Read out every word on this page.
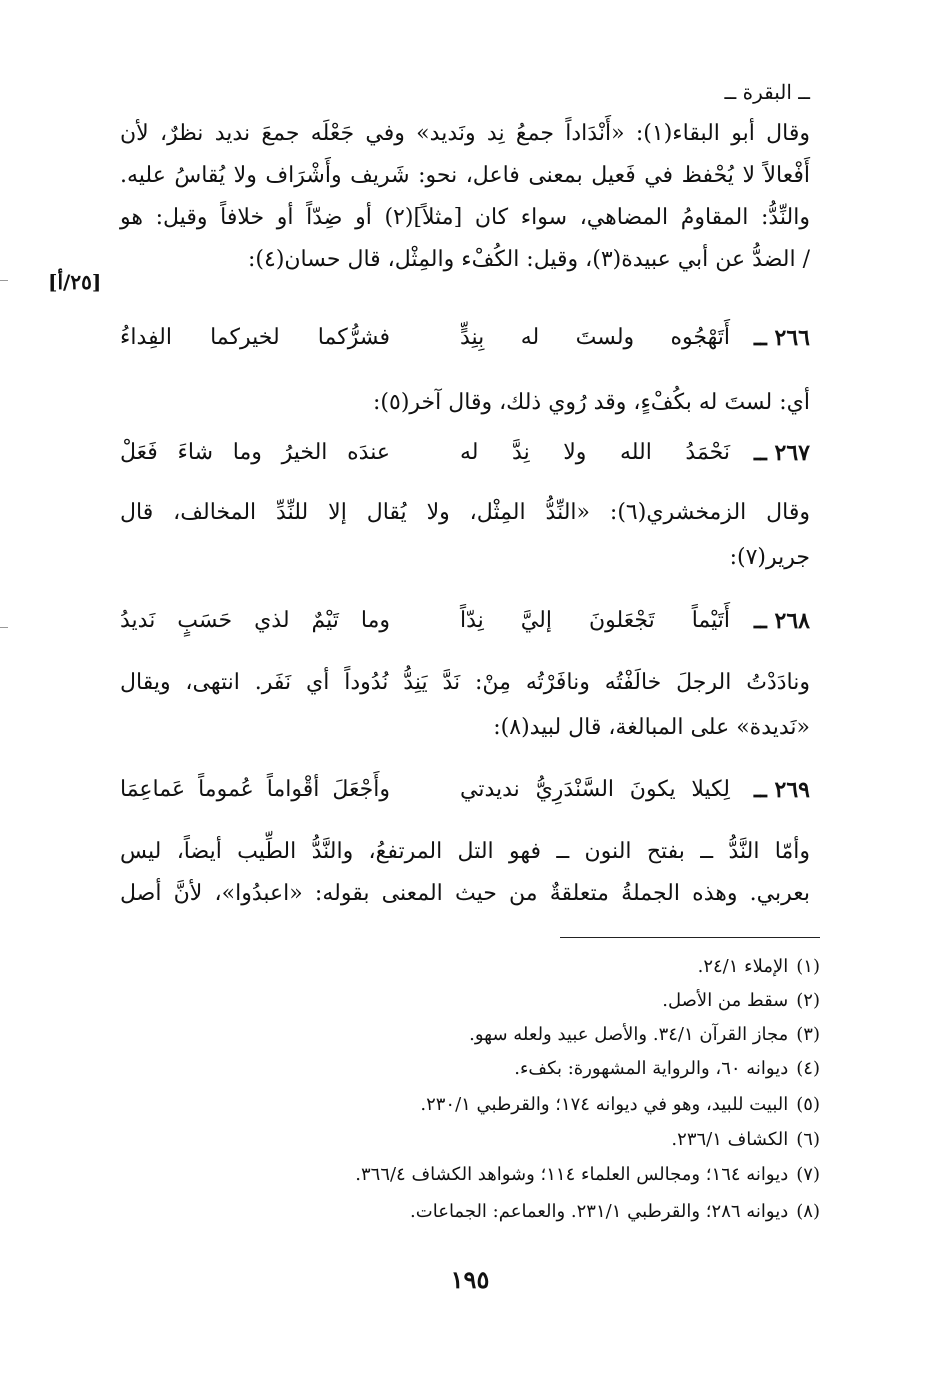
ــ البقرة ــ
وقال أبو البقاء(١): «أَنْدَاداً جمعُ نِد ونَديد» وفي جَعْلَه جمعَ نديد نظرٌ، لأن
أَفْعالاً لا يُحْفظ في فَعيل بمعنى فاعل، نحو: شَريف وأَشْرَاف ولا يُقاسُ عليه.
والنِّدُّ: المقاومُ المضاهي، سواء كان [مثلاً](٢) أو ضِدّاً أو خلافاً وقيل: هو
/ الضدُّ عن أبي عبيدة(٣)، وقيل: الكُفْء والمِثْل، قال حسان(٤):
[٢٥/أ]
٢٦٦ ــ
أَتَهْجُوه ولستَ له بِنِدٍّ
فشرُّكما لخيركما الفِداءُ
أي: لستَ له بكُفْءٍ، وقد رُوي ذلك، وقال آخر(٥):
٢٦٧ ــ
نَحْمَدُ الله ولا نِدَّ له
عندَه الخيرُ وما شاءَ فَعَلْ
وقال الزمخشري(٦): «النِّدُّ المِثْل، ولا يُقال إلا للنِّدِّ المخالف، قال
جرير(٧):
٢٦٨ ــ
أَتَيْماً تَجْعَلونَ إليَّ نِدّاً
وما تَيْمٌ لذي حَسَبٍ نَديدُ
ونادَدْتُ الرجلَ خالَفْتُه ونافَرْتُه مِنْ: نَدَّ يَنِدُّ نُدُوداً أي نَفَر. انتهى، ويقال
«نَديدة» على المبالغة، قال لبيد(٨):
٢٦٩ ــ
لِكيلا يكونَ السَّنْدَرِيُّ نديدتي
وأَجْعَلَ أقْواماً عُموماً عَماعِمَا
وأمّا النَّدُّ ــ بفتح النون ــ فهو التل المرتفعُ، والنَّدُّ الطِّيب أيضاً، ليس
بعربي. وهذه الجملةُ متعلقةٌ من حيث المعنى بقوله: «اعبدُوا»، لأنَّ أصل
(١)الإملاء ٢٤/١.
(٢)سقط من الأصل.
(٣)مجاز القرآن ٣٤/١. والأصل عبيد ولعله سهو.
(٤)ديوانه ٦٠، والرواية المشهورة: بكفء.
(٥)البيت للبيد، وهو في ديوانه ١٧٤؛ والقرطبي ٢٣٠/١.
(٦)الكشاف ٢٣٦/١.
(٧)ديوانه ١٦٤؛ ومجالس العلماء ١١٤؛ وشواهد الكشاف ٣٦٦/٤.
(٨)ديوانه ٢٨٦؛ والقرطبي ٢٣١/١. والعماعم: الجماعات.
١٩٥
